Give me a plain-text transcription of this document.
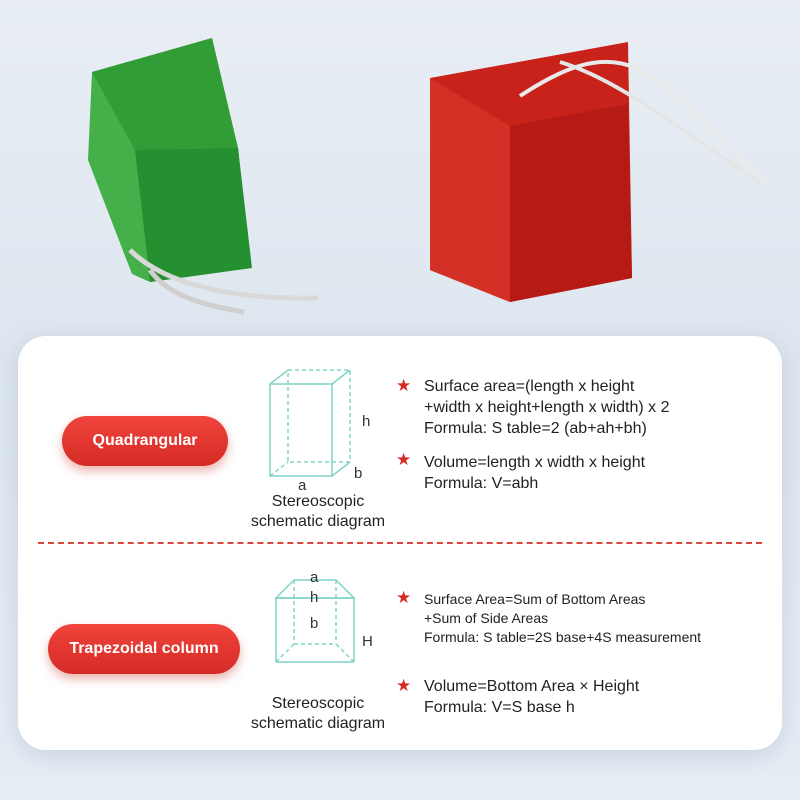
Quadrangular
h
a
b
Stereoscopic
schematic diagram
★ Surface area=(length x height
+width x height+length x width) x 2
Formula: S table=2 (ab+ah+bh)
★ Volume=length x width x height
Formula: V=abh
Trapezoidal column
a
h
b
H
Stereoscopic
schematic diagram
★ Surface Area=Sum of Bottom Areas
+Sum of Side Areas
Formula: S table=2S base+4S measurement
★ Volume=Bottom Area × Height
Formula: V=S base h
